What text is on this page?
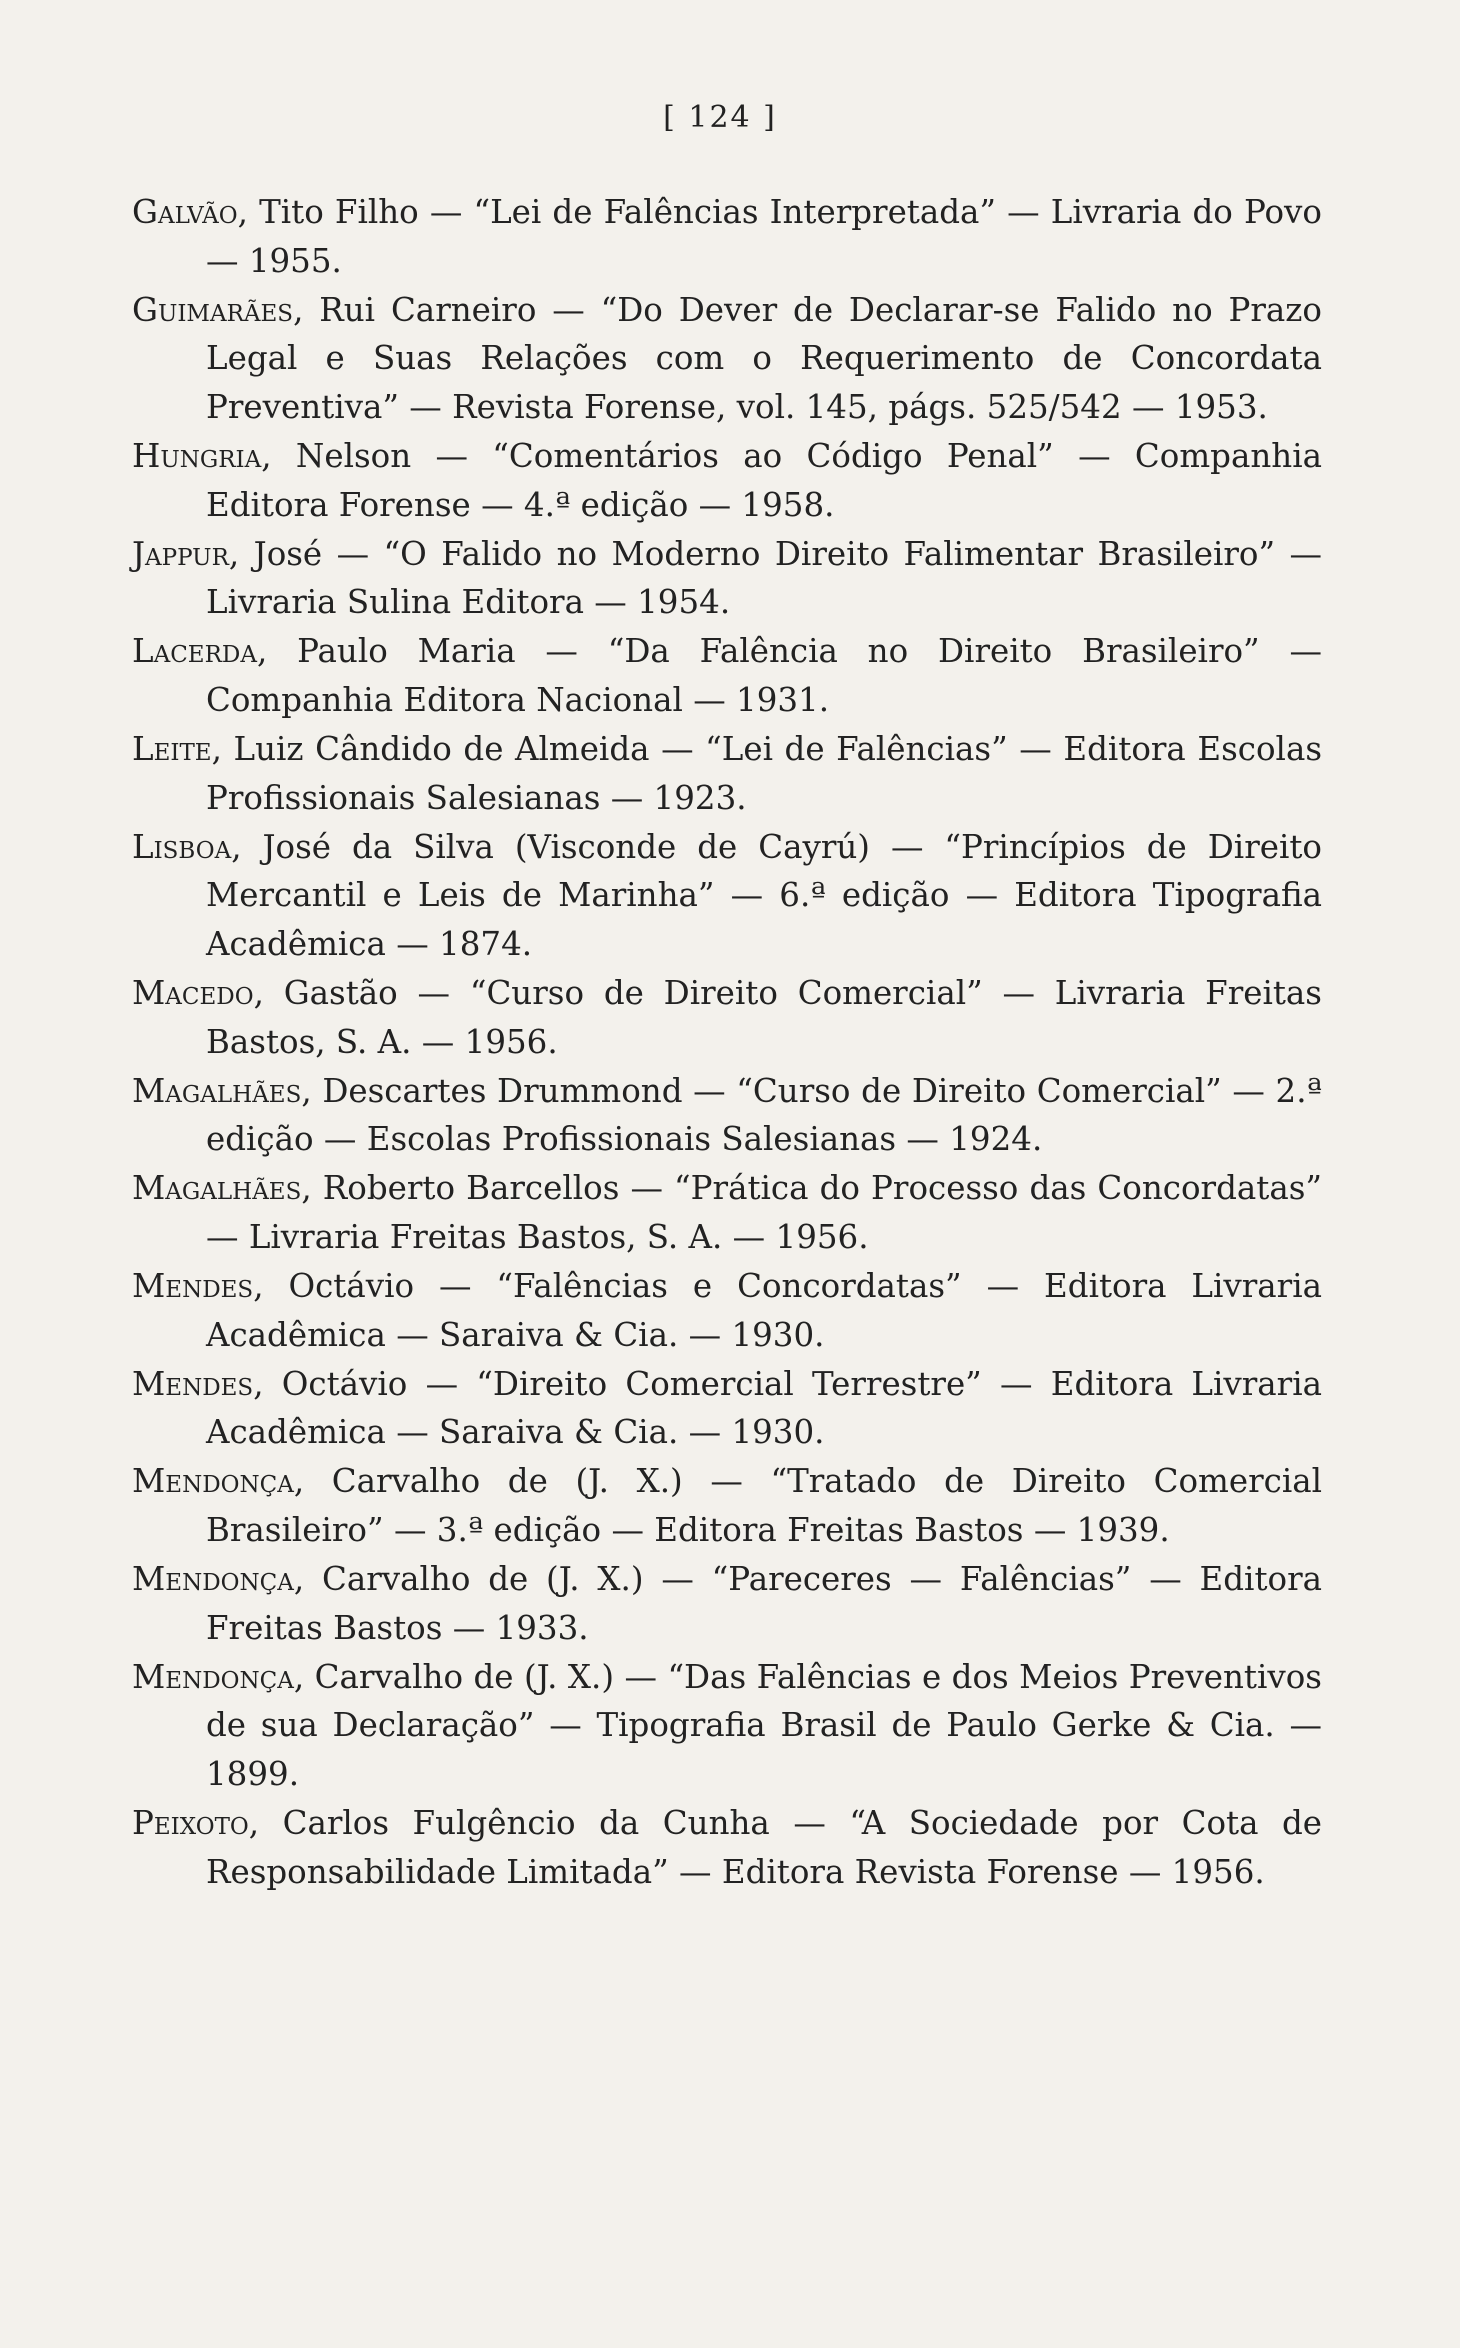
[ 124 ]
Galvão, Tito Filho — “Lei de Falências Interpretada” — Livraria do Povo — 1955.
Guimarães, Rui Carneiro — “Do Dever de Declarar-se Falido no Prazo Legal e Suas Relações com o Requerimento de Concordata Preventiva” — Revista Forense, vol. 145, págs. 525/542 — 1953.
Hungria, Nelson — “Comentários ao Código Penal” — Companhia Editora Forense — 4.ª edição — 1958.
Jappur, José — “O Falido no Moderno Direito Falimentar Brasileiro” — Livraria Sulina Editora — 1954.
Lacerda, Paulo Maria — “Da Falência no Direito Brasileiro” — Companhia Editora Nacional — 1931.
Leite, Luiz Cândido de Almeida — “Lei de Falências” — Editora Escolas Profissionais Salesianas — 1923.
Lisboa, José da Silva (Visconde de Cayrú) — “Princípios de Direito Mercantil e Leis de Marinha” — 6.ª edição — Editora Tipografia Acadêmica — 1874.
Macedo, Gastão — “Curso de Direito Comercial” — Livraria Freitas Bastos, S. A. — 1956.
Magalhães, Descartes Drummond — “Curso de Direito Comercial” — 2.ª edição — Escolas Profissionais Salesianas — 1924.
Magalhães, Roberto Barcellos — “Prática do Processo das Concordatas” — Livraria Freitas Bastos, S. A. — 1956.
Mendes, Octávio — “Falências e Concordatas” — Editora Livraria Acadêmica — Saraiva & Cia. — 1930.
Mendes, Octávio — “Direito Comercial Terrestre” — Editora Livraria Acadêmica — Saraiva & Cia. — 1930.
Mendonça, Carvalho de (J. X.) — “Tratado de Direito Comercial Brasileiro” — 3.ª edição — Editora Freitas Bastos — 1939.
Mendonça, Carvalho de (J. X.) — “Pareceres — Falências” — Editora Freitas Bastos — 1933.
Mendonça, Carvalho de (J. X.) — “Das Falências e dos Meios Preventivos de sua Declaração” — Tipografia Brasil de Paulo Gerke & Cia. — 1899.
Peixoto, Carlos Fulgêncio da Cunha — “A Sociedade por Cota de Responsabilidade Limitada” — Editora Revista Forense — 1956.
